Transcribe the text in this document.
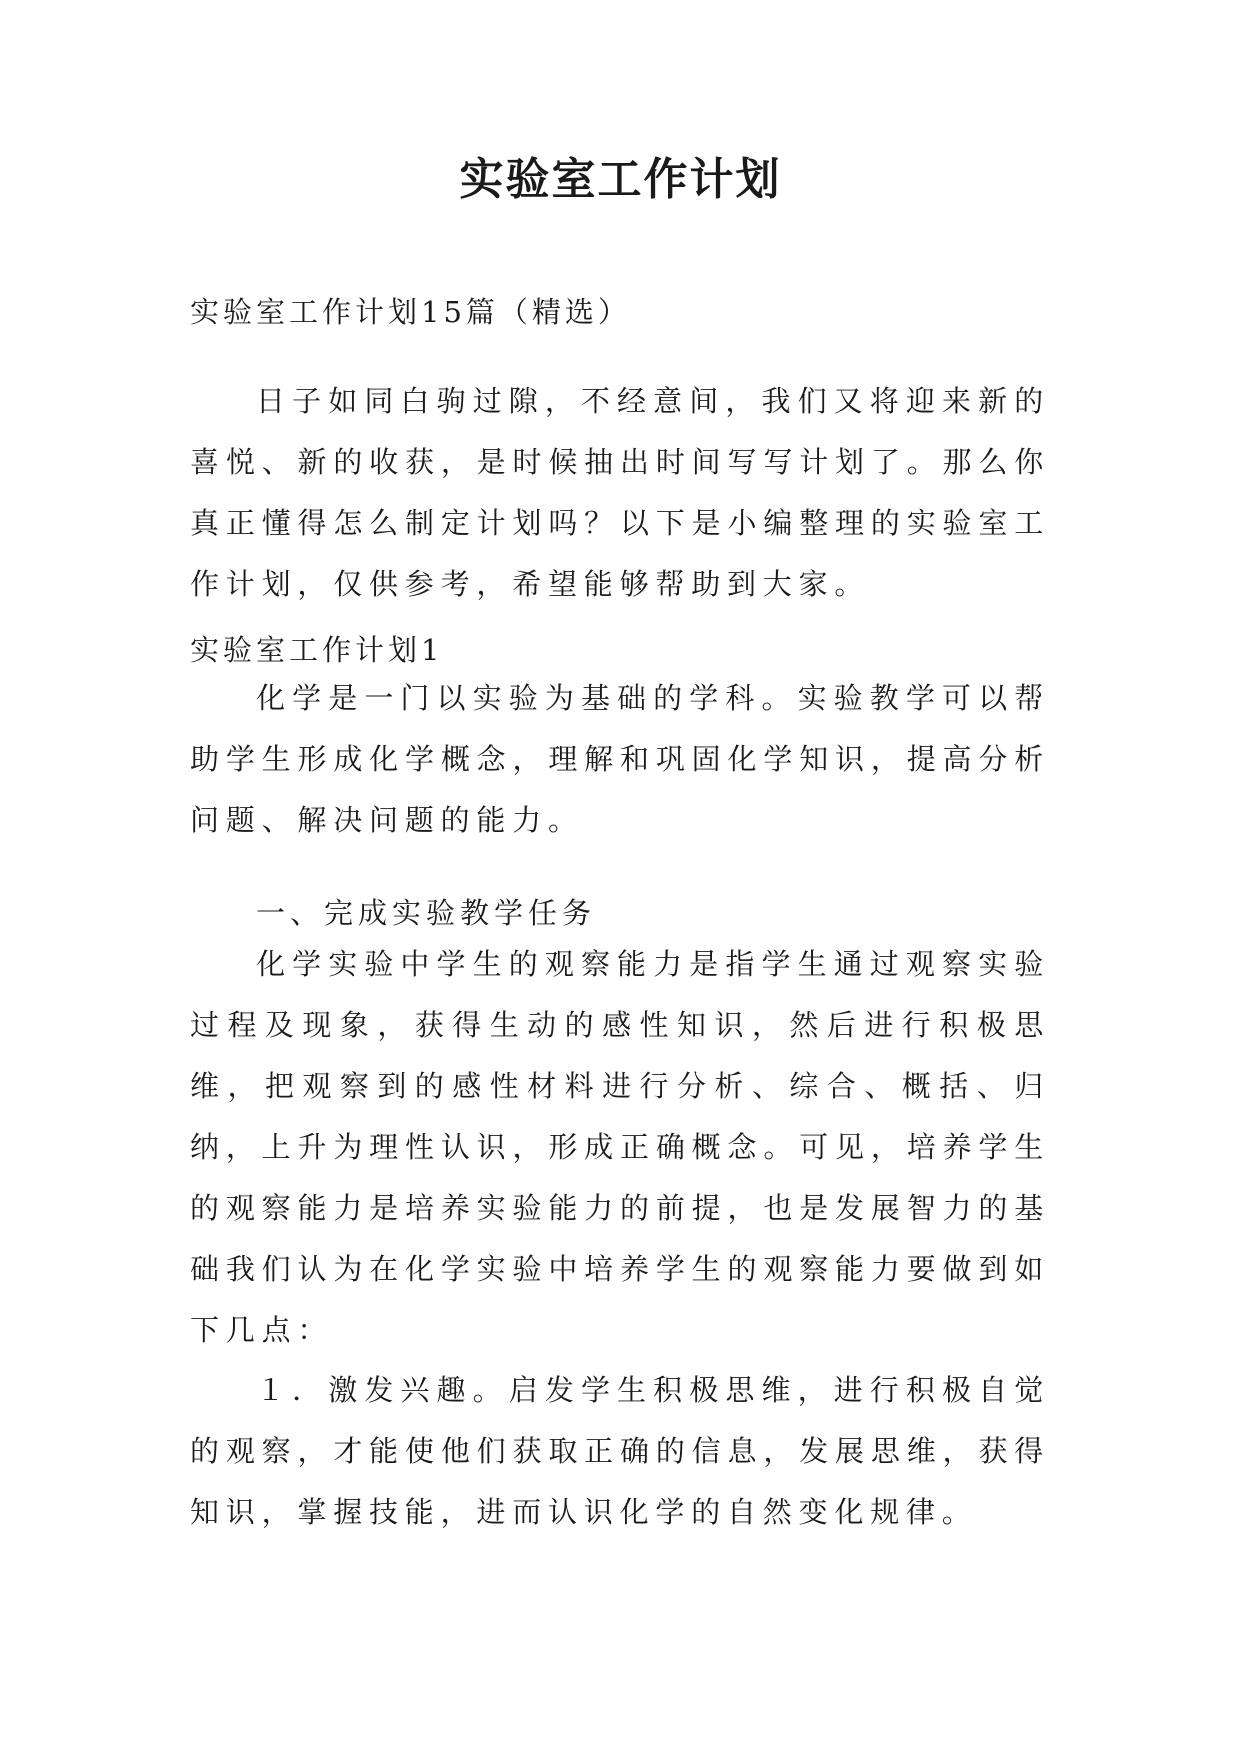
实验室工作计划

实验室工作计划15篇（精选）

日子如同白驹过隙，不经意间，我们又将迎来新的喜悦、新的收获，是时候抽出时间写写计划了。那么你真正懂得怎么制定计划吗？以下是小编整理的实验室工作计划，仅供参考，希望能够帮助到大家。

实验室工作计划1

化学是一门以实验为基础的学科。实验教学可以帮助学生形成化学概念，理解和巩固化学知识，提高分析问题、解决问题的能力。

一、完成实验教学任务

化学实验中学生的观察能力是指学生通过观察实验过程及现象，获得生动的感性知识，然后进行积极思维，把观察到的感性材料进行分析、综合、概括、归纳，上升为理性认识，形成正确概念。可见，培养学生的观察能力是培养实验能力的前提，也是发展智力的基础我们认为在化学实验中培养学生的观察能力要做到如下几点：

１．激发兴趣。启发学生积极思维，进行积极自觉的观察，才能使他们获取正确的信息，发展思维，获得知识，掌握技能，进而认识化学的自然变化规律。
